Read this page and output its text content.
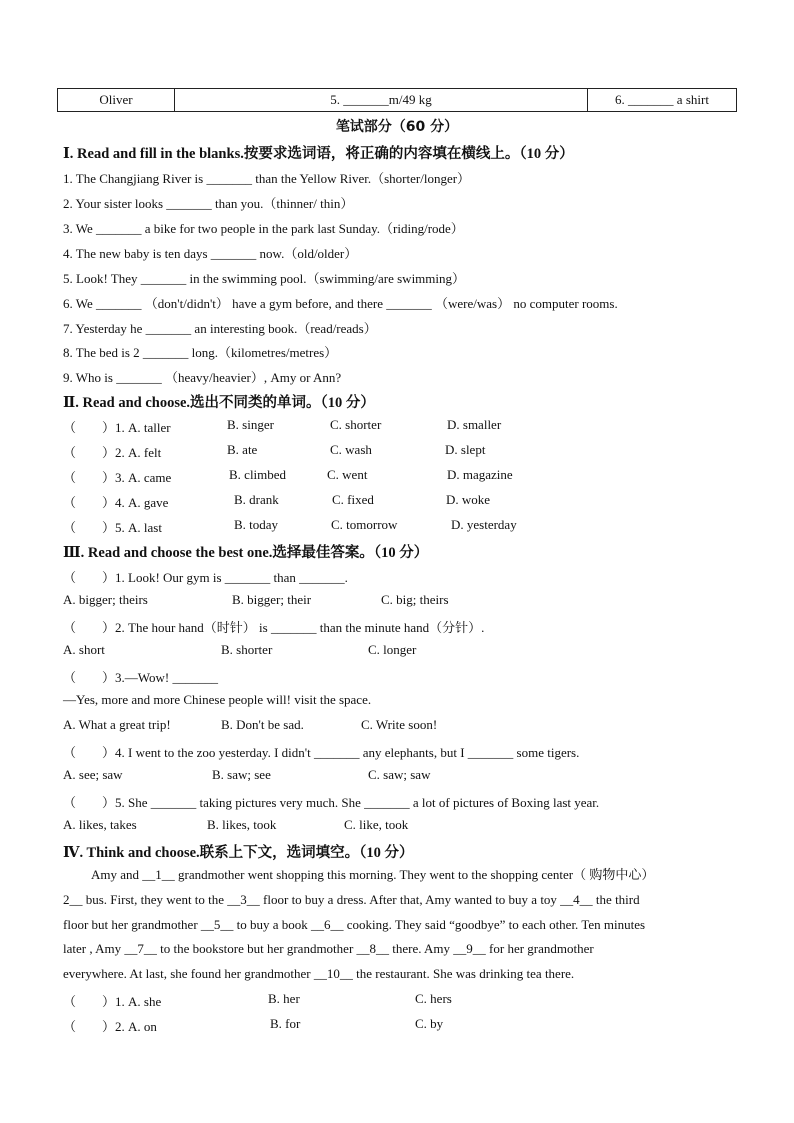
Oliver	5. _______m/49 kg	6. _______ a shirt
笔试部分（60 分）
Ⅰ. Read and fill in the blanks.按要求选词语，将正确的内容填在横线上。（10 分）
1. The Changjiang River is _______ than the Yellow River.（shorter/longer）
2. Your sister looks _______ than you.（thinner/ thin）
3. We _______ a bike for two people in the park last Sunday.（riding/rode）
4. The new baby is ten days _______ now.（old/older）
5. Look! They _______ in the swimming pool.（swimming/are swimming）
6. We _______ （don't/didn't） have a gym before, and there _______ （were/was） no computer rooms.
7. Yesterday he _______ an interesting book.（read/reads）
8. The bed is 2 _______ long.（kilometres/metres）
9. Who is _______ （heavy/heavier）, Amy or Ann?
Ⅱ. Read and choose.选出不同类的单词。（10 分）
（　　）1. A. taller	B. singer	C. shorter	D. smaller
（　　）2. A. felt	B. ate	C. wash	D. slept
（　　）3. A. came	B. climbed	C. went	D. magazine
（　　）4. A. gave	B. drank	C. fixed	D. woke
（　　）5. A. last	B. today	C. tomorrow	D. yesterday
Ⅲ. Read and choose the best one.选择最佳答案。（10 分）
（　　）1. Look! Our gym is _______ than _______.
A. bigger; theirs	B. bigger; their	C. big; theirs
（　　）2. The hour hand（时针） is _______ than the minute hand（分针）.
A. short	B. shorter	C. longer
（　　）3.—Wow! _______
—Yes, more and more Chinese people will! visit the space.
A. What a great trip!	B. Don't be sad.	C. Write soon!
（　　）4. I went to the zoo yesterday. I didn't _______ any elephants, but I _______ some tigers.
A. see; saw	B. saw; see	C. saw; saw
（　　）5. She _______ taking pictures very much. She _______ a lot of pictures of Boxing last year.
A. likes, takes	B. likes, took	C. like, took
Ⅳ. Think and choose.联系上下文，选词填空。（10 分）

Amy and __1__ grandmother went shopping this morning. They went to the shopping center（ 购物中心）

2__ bus. First, they went to the __3__ floor to buy a dress. After that, Amy wanted to buy a toy __4__ the third

floor but her grandmother __5__ to buy a book __6__ cooking. They said “goodbye” to each other. Ten minutes

later , Amy __7__ to the bookstore but her grandmother __8__ there. Amy __9__ for her grandmother

everywhere. At last, she found her grandmother __10__ the restaurant. She was drinking tea there.

（　　）1. A. she	B. her	C. hers
（　　）2. A. on	B. for	C. by
